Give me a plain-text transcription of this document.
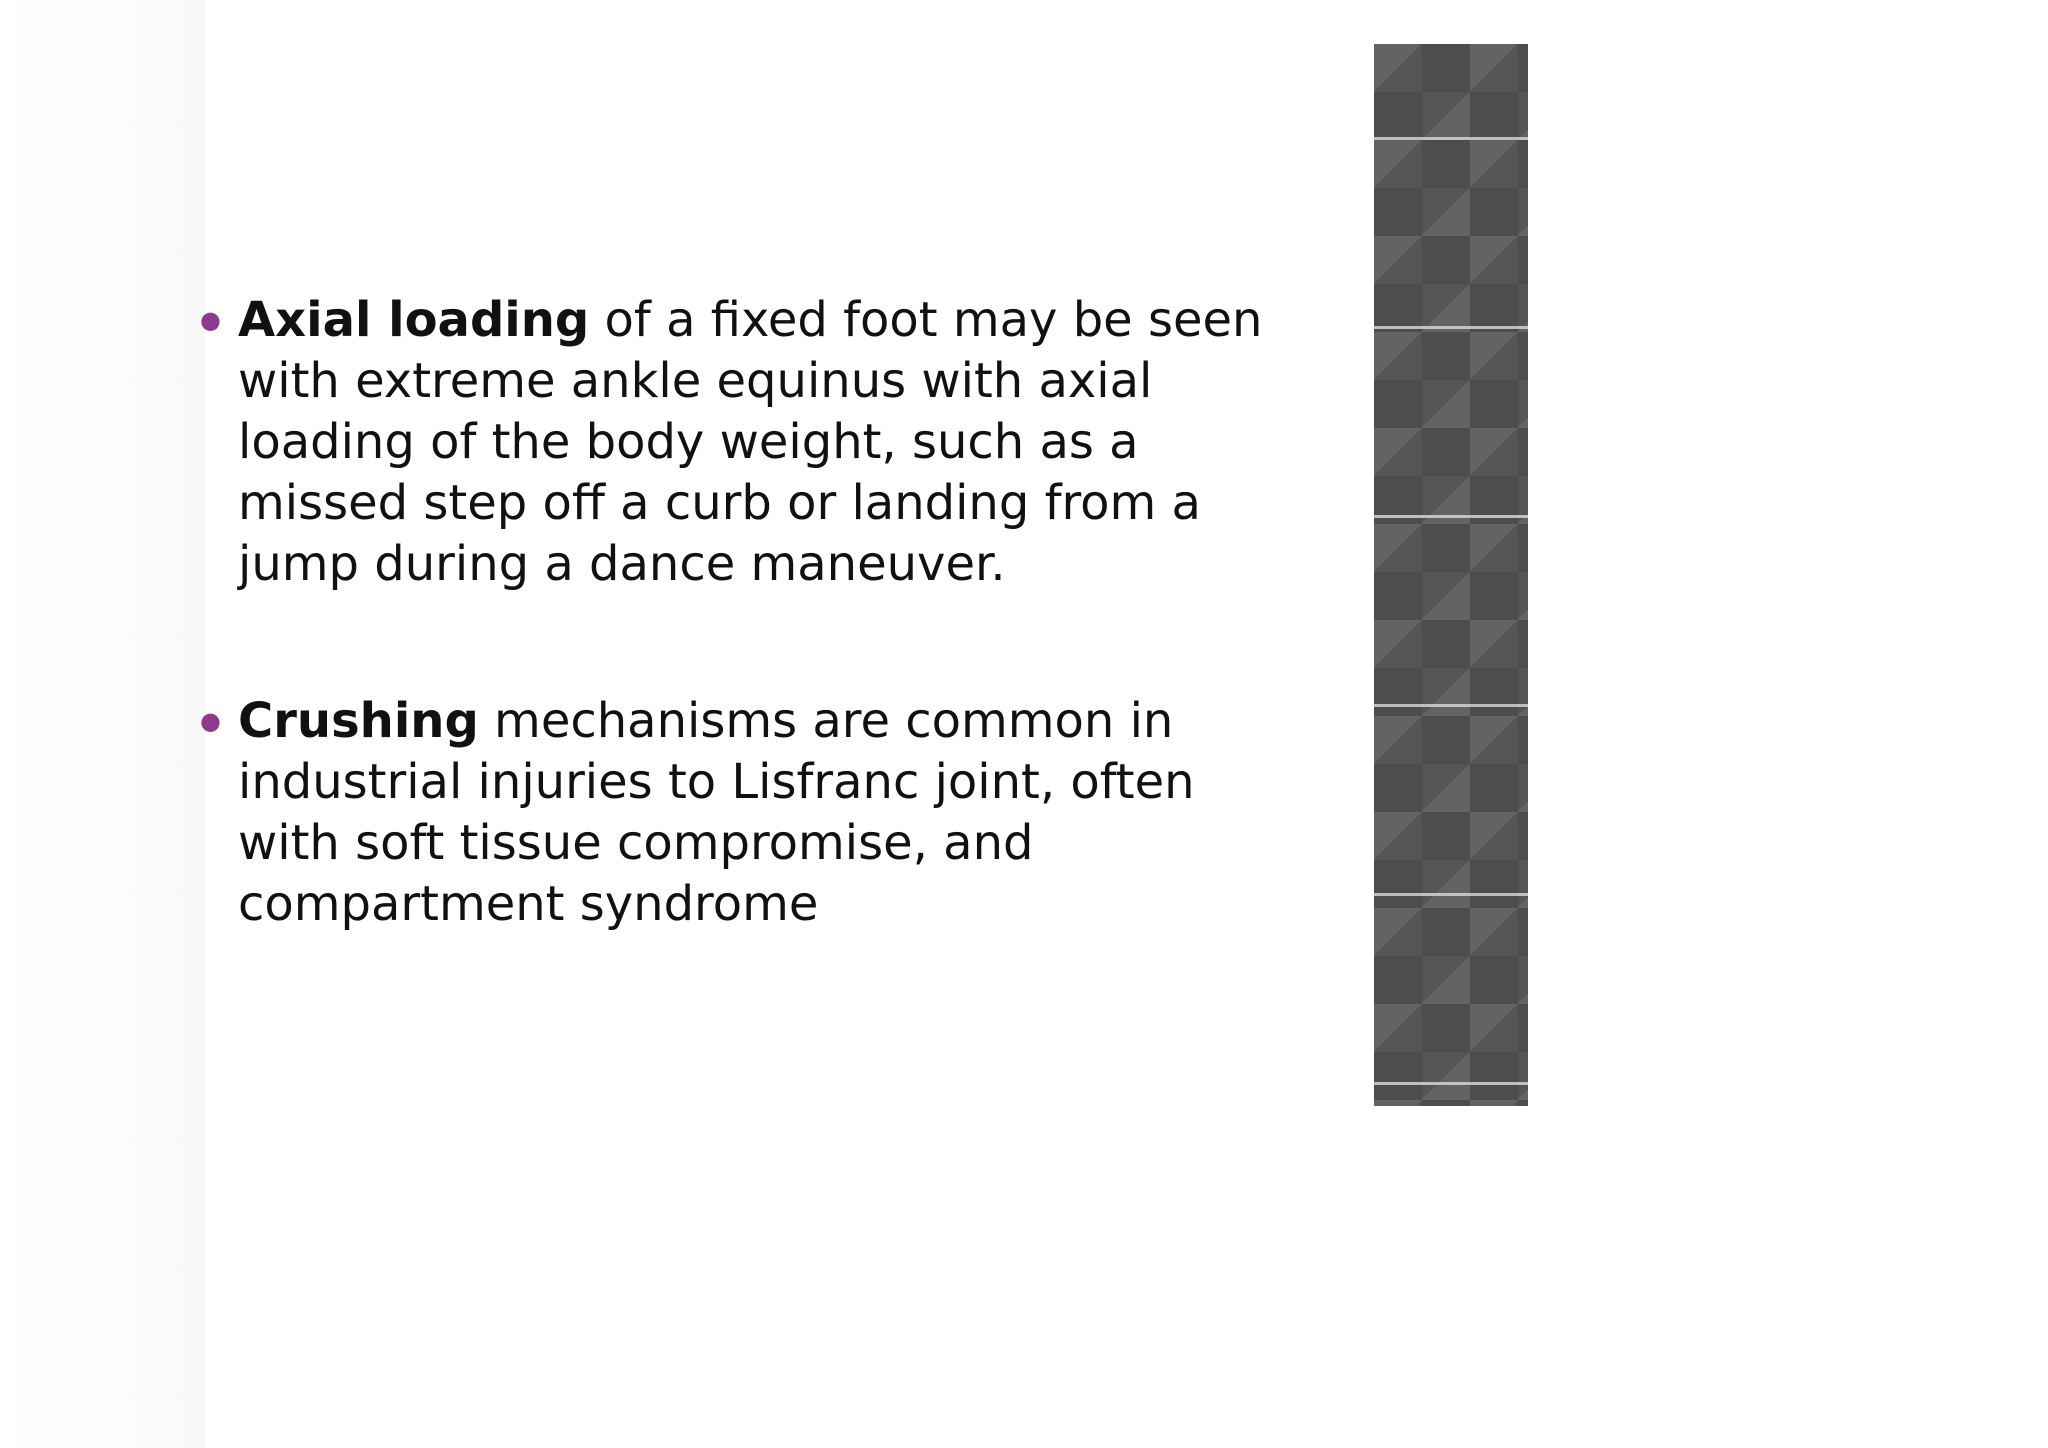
● Axial loading of a fixed foot may be seen with extreme ankle equinus with axial loading of the body weight, such as a missed step off a curb or landing from a jump during a dance maneuver.
● Crushing mechanisms are common in industrial injuries to Lisfranc joint, often with soft tissue compromise, and compartment syndrome
